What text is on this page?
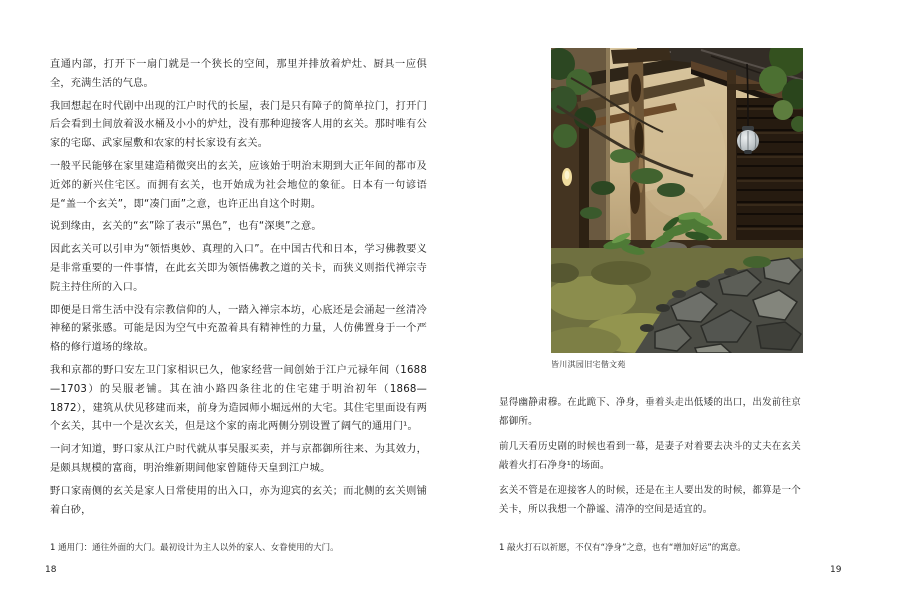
直通内部，打开下一扇门就是一个狭长的空间，那里并排放着炉灶、厨具一应俱全，充满生活的气息。

我回想起在时代剧中出现的江户时代的长屋，表门是只有障子的简单拉门，打开门后会看到土间放着汲水桶及小小的炉灶，没有那种迎接客人用的玄关。那时唯有公家的宅邸、武家屋敷和农家的村长家设有玄关。

一般平民能够在家里建造稍微突出的玄关，应该始于明治末期到大正年间的都市及近郊的新兴住宅区。而拥有玄关，也开始成为社会地位的象征。日本有一句谚语是“盖一个玄关”，即“凑门面”之意，也许正出自这个时期。

说到缘由，玄关的“玄”除了表示“黑色”，也有“深奥”之意。

因此玄关可以引申为“领悟奥妙、真理的入口”。在中国古代和日本，学习佛教要义是非常重要的一件事情，在此玄关即为领悟佛教之道的关卡，而狭义则指代禅宗寺院主持住所的入口。

即便是日常生活中没有宗教信仰的人，一踏入禅宗本坊，心底还是会涌起一丝清冷神秘的紧张感。可能是因为空气中充盈着具有精神性的力量，人仿佛置身于一个严格的修行道场的缘故。

我和京都的野口安左卫门家相识已久，他家经营一间创始于江户元禄年间（1688—1703）的吴服老铺。其在油小路四条往北的住宅建于明治初年（1868—1872），建筑从伏见移建而来，前身为造园师小堀远州的大宅。其住宅里面设有两个玄关，其中一个是次玄关，但是这个家的南北两侧分别设置了阔气的通用门¹。

一问才知道，野口家从江户时代就从事吴服买卖，并与京都御所往来、为其效力，是颇具规模的富商，明治维新期间他家曾随侍天皇到江户城。

野口家南侧的玄关是家人日常使用的出入口，亦为迎宾的玄关；而北侧的玄关则铺着白砂，

1 通用门：通往外面的大门。最初设计为主人以外的家人、女眷使用的大门。
18
皆川淇园旧宅偕文苑

显得幽静肃穆。在此跪下、净身，垂着头走出低矮的出口，出发前往京都御所。

前几天看历史剧的时候也看到一幕，是妻子对着要去决斗的丈夫在玄关敲着火打石净身¹的场面。

玄关不管是在迎接客人的时候，还是在主人要出发的时候，都算是一个关卡，所以我想一个静谧、清净的空间是适宜的。

1 敲火打石以祈愿，不仅有“净身”之意，也有“增加好运”的寓意。
19
